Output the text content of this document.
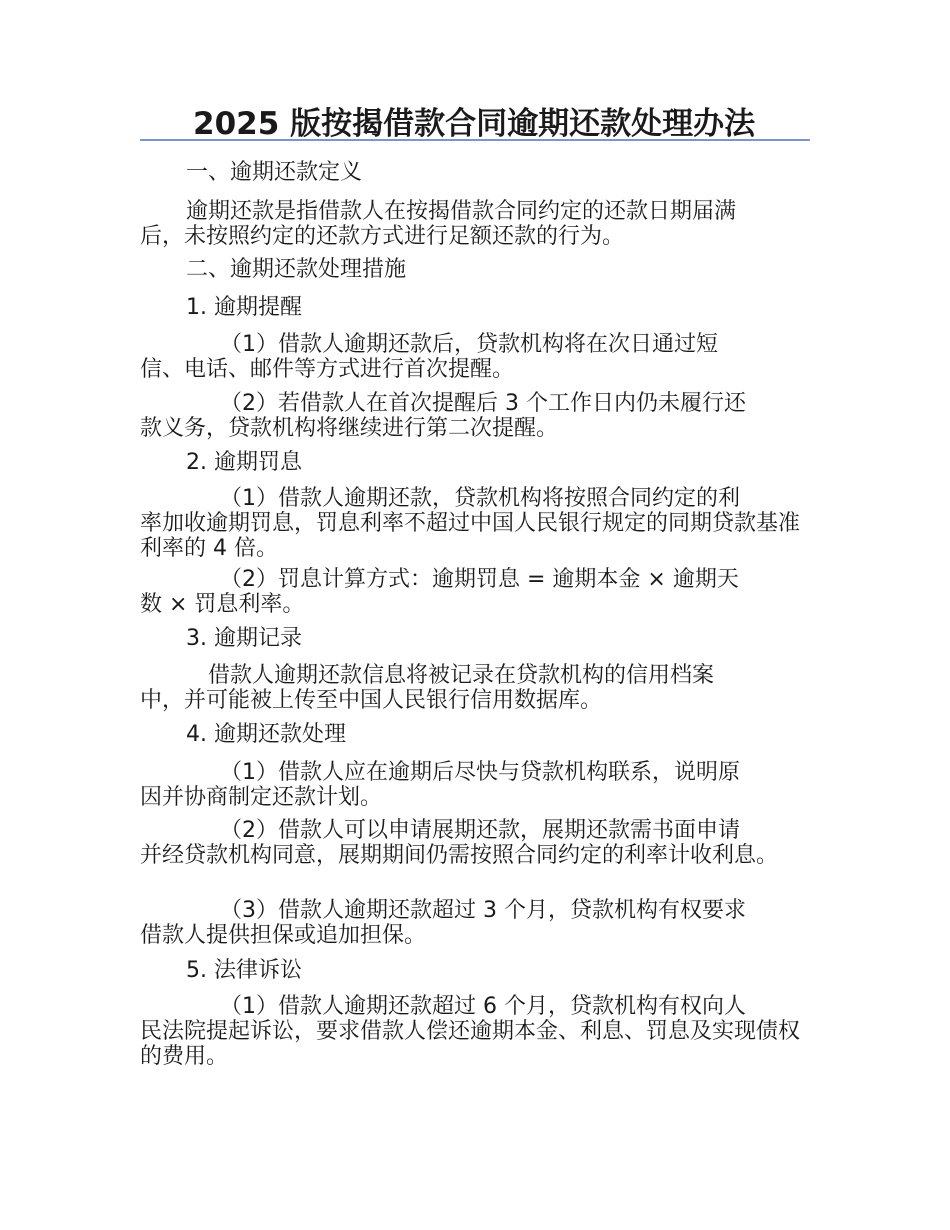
2025 版按揭借款合同逾期还款处理办法
一、逾期还款定义
逾期还款是指借款人在按揭借款合同约定的还款日期届满
后，未按照约定的还款方式进行足额还款的行为。
二、逾期还款处理措施
1. 逾期提醒
（1）借款人逾期还款后，贷款机构将在次日通过短
信、电话、邮件等方式进行首次提醒。
（2）若借款人在首次提醒后 3 个工作日内仍未履行还
款义务，贷款机构将继续进行第二次提醒。
2. 逾期罚息
（1）借款人逾期还款，贷款机构将按照合同约定的利
率加收逾期罚息，罚息利率不超过中国人民银行规定的同期贷款基准利率的 4 倍。
（2）罚息计算方式：逾期罚息 = 逾期本金 × 逾期天
数 × 罚息利率。
3. 逾期记录
借款人逾期还款信息将被记录在贷款机构的信用档案
中，并可能被上传至中国人民银行信用数据库。
4. 逾期还款处理
（1）借款人应在逾期后尽快与贷款机构联系，说明原
因并协商制定还款计划。
（2）借款人可以申请展期还款，展期还款需书面申请
并经贷款机构同意，展期期间仍需按照合同约定的利率计收利息。
（3）借款人逾期还款超过 3 个月，贷款机构有权要求
借款人提供担保或追加担保。
5. 法律诉讼
（1）借款人逾期还款超过 6 个月，贷款机构有权向人
民法院提起诉讼，要求借款人偿还逾期本金、利息、罚息及实现债权的费用。
